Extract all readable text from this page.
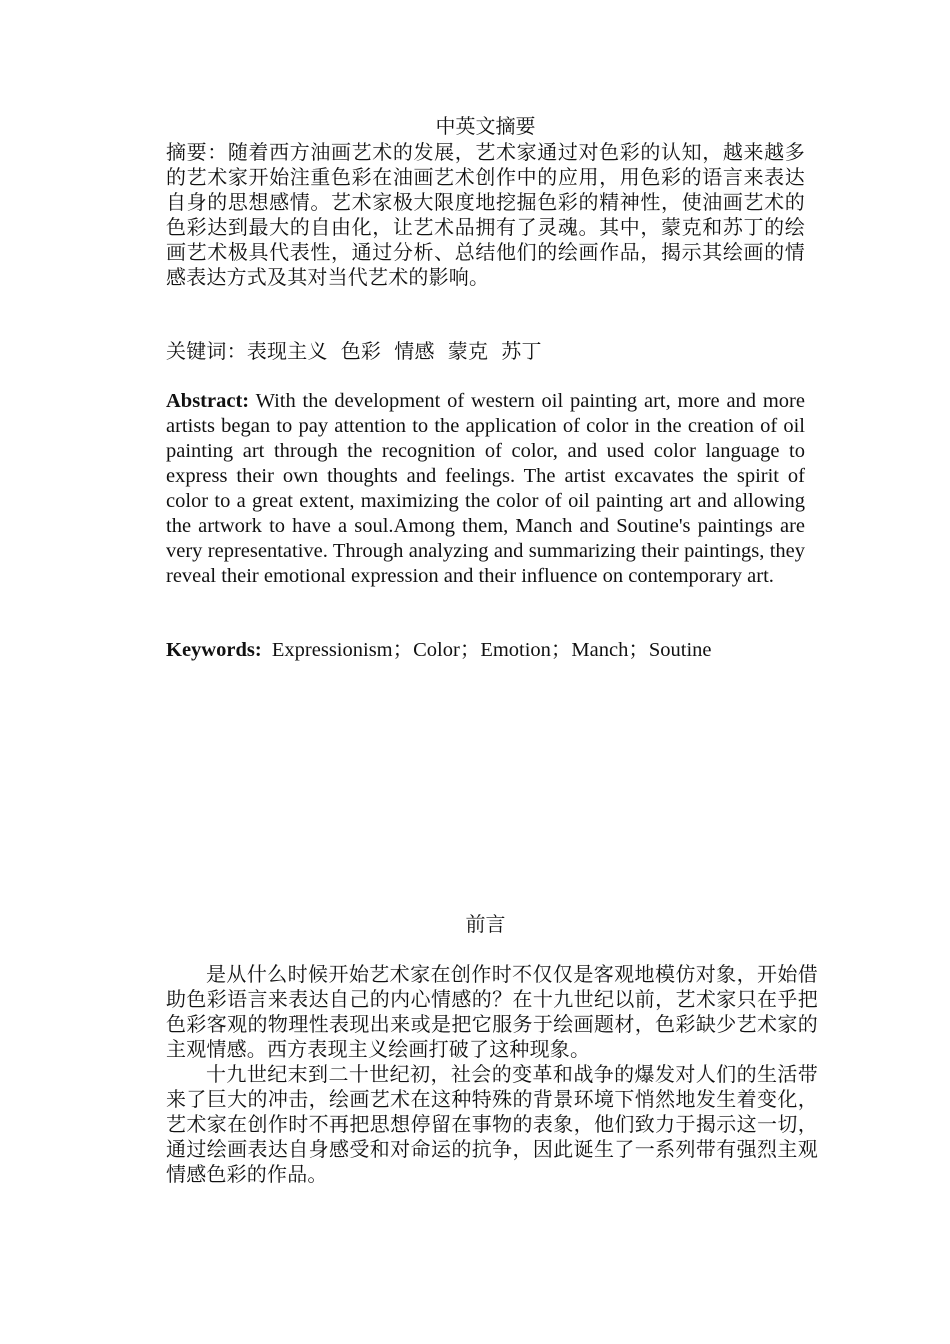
中英文摘要
摘要：随着西方油画艺术的发展，艺术家通过对色彩的认知，越来越多的艺术家开始注重色彩在油画艺术创作中的应用，用色彩的语言来表达自身的思想感情。艺术家极大限度地挖掘色彩的精神性，使油画艺术的色彩达到最大的自由化，让艺术品拥有了灵魂。其中，蒙克和苏丁的绘画艺术极具代表性，通过分析、总结他们的绘画作品，揭示其绘画的情感表达方式及其对当代艺术的影响。
关键词：表现主义  色彩  情感  蒙克  苏丁
Abstract: With the development of western oil painting art, more and more artists began to pay attention to the application of color in the creation of oil painting art through the recognition of color, and used color language to express their own thoughts and feelings. The artist excavates the spirit of color to a great extent, maximizing the color of oil painting art and allowing the artwork to have a soul.Among them, Manch and Soutine's paintings are very representative. Through analyzing and summarizing their paintings, they reveal their emotional expression and their influence on contemporary art.
Keywords: Expressionism；Color；Emotion；Manch；Soutine
前言

是从什么时候开始艺术家在创作时不仅仅是客观地模仿对象，开始借助色彩语言来表达自己的内心情感的？在十九世纪以前，艺术家只在乎把色彩客观的物理性表现出来或是把它服务于绘画题材，色彩缺少艺术家的主观情感。西方表现主义绘画打破了这种现象。

十九世纪末到二十世纪初，社会的变革和战争的爆发对人们的生活带来了巨大的冲击，绘画艺术在这种特殊的背景环境下悄然地发生着变化，艺术家在创作时不再把思想停留在事物的表象，他们致力于揭示这一切，通过绘画表达自身感受和对命运的抗争，因此诞生了一系列带有强烈主观情感色彩的作品。
